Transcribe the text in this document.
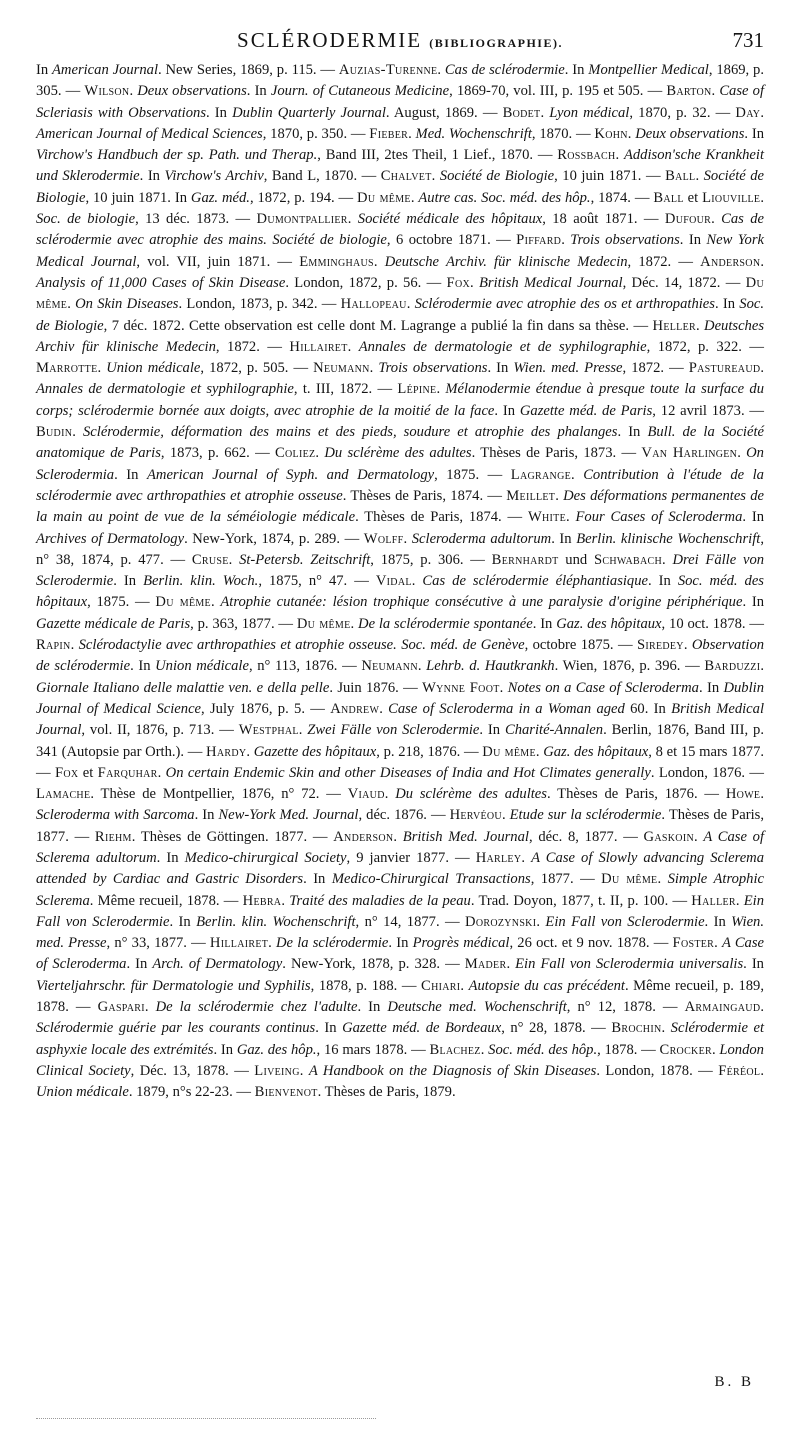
SCLÉRODERMIE (BIBLIOGRAPHIE).	731
In American Journal. New Series, 1869, p. 115. — Auzias-Turenne. Cas de sclérodermie. In Montpellier Medical, 1869, p. 305. — Wilson. Deux observations. In Journ. of Cutaneous Medicine, 1869-70, vol. III, p. 195 et 505. — Barton. Case of Scleriasis with Observations. In Dublin Quarterly Journal. August, 1869. — Bodet. Lyon médical, 1870, p. 32. — Day. American Journal of Medical Sciences, 1870, p. 350. — Fieber. Med. Wochenschrift, 1870. — Kohn. Deux observations. In Virchow's Handbuch der sp. Path. und Therap., Band III, 2tes Theil, 1 Lief., 1870. — Rossbach. Addison'sche Krankheit und Sklerodermie. In Virchow's Archiv, Band L, 1870. — Chalvet. Société de Biologie, 10 juin 1871. — Ball. Société de Biologie, 10 juin 1871. In Gaz. méd., 1872, p. 194. — Du même. Autre cas. Soc. méd. des hôp., 1874. — Ball et Liouville. Soc. de biologie, 13 déc. 1873. — Dumontpallier. Société médicale des hôpitaux, 18 août 1871. — Dufour. Cas de sclérodermie avec atrophie des mains. Société de biologie, 6 octobre 1871. — Piffard. Trois observations. In New York Medical Journal, vol. VII, juin 1871. — Emminghaus. Deutsche Archiv. für klinische Medecin, 1872. — Anderson. Analysis of 11,000 Cases of Skin Disease. London, 1872, p. 56. — Fox. British Medical Journal, Déc. 14, 1872. — Du même. On Skin Diseases. London, 1873, p. 342. — Hallopeau. Sclérodermie avec atrophie des os et arthropathies. In Soc. de Biologie, 7 déc. 1872. Cette observation est celle dont M. Lagrange a publié la fin dans sa thèse. — Heller. Deutsches Archiv für klinische Medecin, 1872. — Hillairet. Annales de dermatologie et de syphilographie, 1872, p. 322. — Marrotte. Union médicale, 1872, p. 505. — Neumann. Trois observations. In Wien. med. Presse, 1872. — Pastureaud. Annales de dermatologie et syphilographie, t. III, 1872. — Lépine. Mélanodermie étendue à presque toute la surface du corps; sclérodermie bornée aux doigts, avec atrophie de la moitié de la face. In Gazette méd. de Paris, 12 avril 1873. — Budin. Sclérodermie, déformation des mains et des pieds, soudure et atrophie des phalanges. In Bull. de la Société anatomique de Paris, 1873, p. 662. — Coliez. Du sclérème des adultes. Thèses de Paris, 1873. — Van Harlingen. On Sclerodermia. In American Journal of Syph. and Dermatology, 1875. — Lagrange. Contribution à l'étude de la sclérodermie avec arthropathies et atrophie osseuse. Thèses de Paris, 1874. — Meillet. Des déformations permanentes de la main au point de vue de la séméiologie médicale. Thèses de Paris, 1874. — White. Four Cases of Scleroderma. In Archives of Dermatology. New-York, 1874, p. 289. — Wolff. Scleroderma adultorum. In Berlin. klinische Wochenschrift, n° 38, 1874, p. 477. — Cruse. St-Petersb. Zeitschrift, 1875, p. 306. — Bernhardt und Schwabach. Drei Fälle von Sclerodermie. In Berlin. klin. Woch., 1875, n° 47. — Vidal. Cas de sclérodermie éléphantiasique. In Soc. méd. des hôpitaux, 1875. — Du même. Atrophie cutanée: lésion trophique consécutive à une paralysie d'origine périphérique. In Gazette médicale de Paris, p. 363, 1877. — Du même. De la sclérodermie spontanée. In Gaz. des hôpitaux, 10 oct. 1878. — Rapin. Sclérodactylie avec arthropathies et atrophie osseuse. Soc. méd. de Genève, octobre 1875. — Siredey. Observation de sclérodermie. In Union médicale, n° 113, 1876. — Neumann. Lehrb. d. Hautkrankh. Wien, 1876, p. 396. — Barduzzi. Giornale Italiano delle malattie ven. e della pelle. Juin 1876. — Wynne Foot. Notes on a Case of Scleroderma. In Dublin Journal of Medical Science, July 1876, p. 5. — Andrew. Case of Scleroderma in a Woman aged 60. In British Medical Journal, vol. II, 1876, p. 713. — Westphal. Zwei Fälle von Sclerodermie. In Charité-Annalen. Berlin, 1876, Band III, p. 341 (Autopsie par Orth.). — Hardy. Gazette des hôpitaux, p. 218, 1876. — Du même. Gaz. des hôpitaux, 8 et 15 mars 1877. — Fox et Farquhar. On certain Endemic Skin and other Diseases of India and Hot Climates generally. London, 1876. — Lamache. Thèse de Montpellier, 1876, n° 72. — Viaud. Du sclérème des adultes. Thèses de Paris, 1876. — Howe. Scleroderma with Sarcoma. In New-York Med. Journal, déc. 1876. — Hervéou. Etude sur la sclérodermie. Thèses de Paris, 1877. — Riehm. Thèses de Göttingen. 1877. — Anderson. British Med. Journal, déc. 8, 1877. — Gaskoin. A Case of Sclerema adultorum. In Medico-chirurgical Society, 9 janvier 1877. — Harley. A Case of Slowly advancing Sclerema attended by Cardiac and Gastric Disorders. In Medico-Chirurgical Transactions, 1877. — Du même. Simple Atrophic Sclerema. Même recueil, 1878. — Hebra. Traité des maladies de la peau. Trad. Doyon, 1877, t. II, p. 100. — Haller. Ein Fall von Sclerodermie. In Berlin. klin. Wochenschrift, n° 14, 1877. — Dorozynski. Ein Fall von Sclerodermie. In Wien. med. Presse, n° 33, 1877. — Hillairet. De la sclérodermie. In Progrès médical, 26 oct. et 9 nov. 1878. — Foster. A Case of Scleroderma. In Arch. of Dermatology. New-York, 1878, p. 328. — Mader. Ein Fall von Sclerodermia universalis. In Vierteljahrschr. für Dermatologie und Syphilis, 1878, p. 188. — Chiari. Autopsie du cas précédent. Même recueil, p. 189, 1878. — Gaspari. De la sclérodermie chez l'adulte. In Deutsche med. Wochenschrift, n° 12, 1878. — Armaingaud. Sclérodermie guérie par les courants continus. In Gazette méd. de Bordeaux, n° 28, 1878. — Brochin. Sclérodermie et asphyxie locale des extrémités. In Gaz. des hôp., 16 mars 1878. — Blachez. Soc. méd. des hôp., 1878. — Crocker. London Clinical Society, Déc. 13, 1878. — Liveing. A Handbook on the Diagnosis of Skin Diseases. London, 1878. — Féréol. Union médicale. 1879, n°s 22-23. — Bienvenot. Thèses de Paris, 1879.
B. B
